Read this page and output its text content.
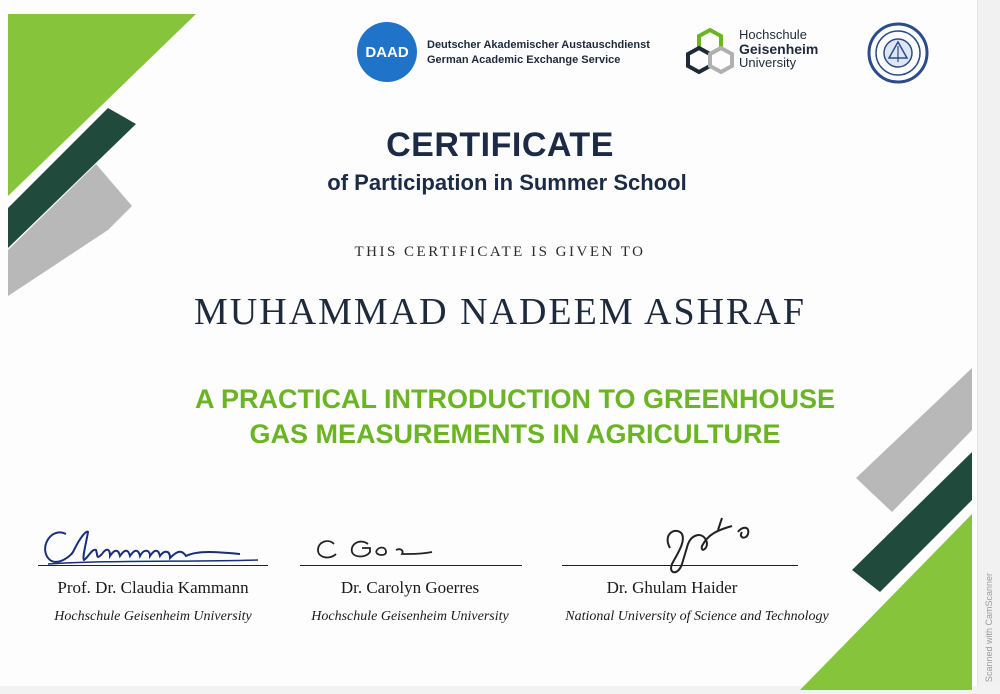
DAAD	Deutscher Akademischer Austauschdienst
German Academic Exchange Service
Hochschule
Geisenheim
University
CERTIFICATE
of Participation in Summer School
THIS CERTIFICATE IS GIVEN TO
MUHAMMAD NADEEM ASHRAF
A PRACTICAL INTRODUCTION TO GREENHOUSE
GAS MEASUREMENTS IN AGRICULTURE
Prof. Dr. Claudia Kammann
Hochschule Geisenheim University
Dr. Carolyn Goerres
Hochschule Geisenheim University
Dr. Ghulam Haider
National University of Science and Technology	Scanned with CamScanner
